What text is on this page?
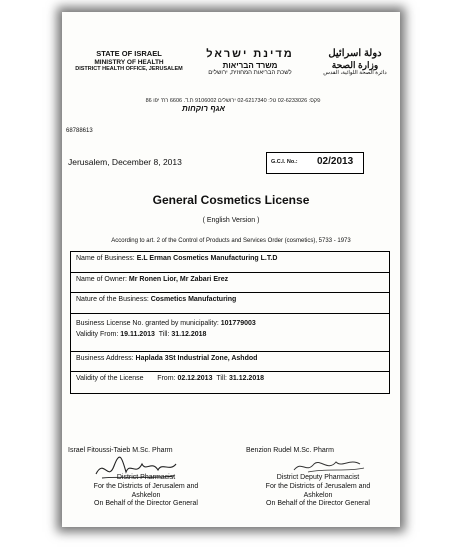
STATE OF ISRAEL
MINISTRY OF HEALTH
DISTRICT HEALTH OFFICE, JERUSALEM
מדינת ישראל
משרד הבריאות
לשכת הבריאות המחוזית, ירושלים
دولة اسرائيل
وزارة الصحة
دائرة الصحة اللوائية، القدس
פקס: 02-6233026 טל: 02-6217340 ירושלים 9106002 ת.ד. 6606 רח' יפו 86
אגף רוקחות
68788613
Jerusalem, December 8, 2013	G.C.I. No.: 02/2013
General Cosmetics License
( English Version )
According to art. 2 of the Control of Products and Services Order (cosmetics), 5733 - 1973
Name of Business: E.L Erman Cosmetics Manufacturing L.T.D
Name of Owner: Mr Ronen Lior, Mr Zabari Erez
Nature of the Business: Cosmetics Manufacturing
Business License No. granted by municipality: 101779003
Validity From: 19.11.2013 Till: 31.12.2018
Business Address: Haplada 3St Industrial Zone, Ashdod
Validity of the License From: 02.12.2013 Till: 31.12.2018
Israel Fitoussi-Taieb M.Sc. Pharm	Benzion Rudel M.Sc. Pharm
District Pharmacist
For the Districts of Jerusalem and
Ashkelon
On Behalf of the Director General
District Deputy Pharmacist
For the Districts of Jerusalem and
Ashkelon
On Behalf of the Director General
